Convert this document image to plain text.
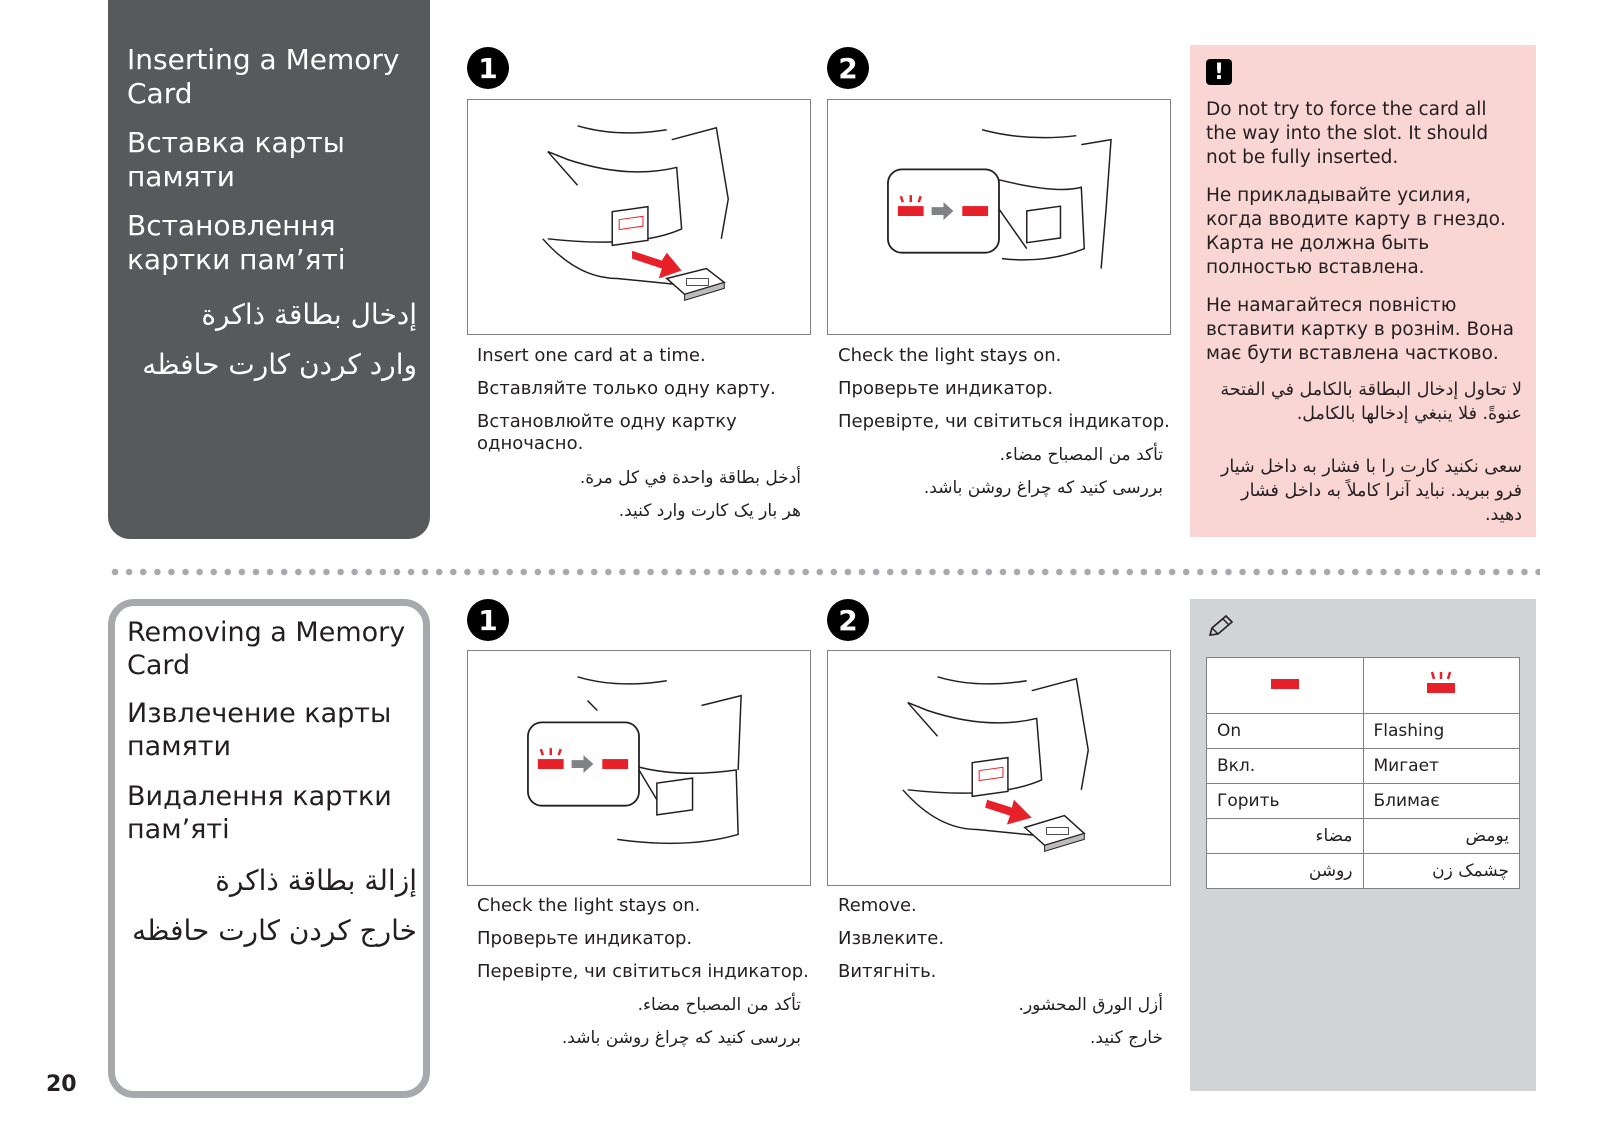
Inserting a Memory Card
Вставка карты памяти
Встановлення картки пам’яті
إدخال بطاقة ذاكرة
وارد کردن کارت حافظه
1
Insert one card at a time.
Вставляйте только одну карту.
Встановлюйте одну картку одночасно.
أدخل بطاقة واحدة في كل مرة.
هر بار یک کارت وارد کنید.
2
Check the light stays on.
Проверьте индикатор.
Перевірте, чи світиться індикатор.
تأكد من المصباح مضاء.
بررسی کنید که چراغ روشن باشد.
!
Do not try to force the card all the way into the slot. It should not be fully inserted.
Не прикладывайте усилия, когда вводите карту в гнездо. Карта не должна быть полностью вставлена.
Не намагайтеся повністю вставити картку в рознім. Вона має бути вставлена частково.
لا تحاول إدخال البطاقة بالكامل في الفتحة عنوةً. فلا ينبغي إدخالها بالكامل.
سعی نکنید کارت را با فشار به داخل شیار فرو ببرید. نباید آنرا کاملاً به داخل فشار دهید.
Removing a Memory Card
Извлечение карты памяти
Видалення картки пам’яті
إزالة بطاقة ذاكرة
خارج کردن کارت حافظه
1
Check the light stays on.
Проверьте индикатор.
Перевірте, чи світиться індикатор.
تأكد من المصباح مضاء.
بررسی کنید که چراغ روشن باشد.
2
Remove.
Извлеките.
Витягніть.
أزل الورق المحشور.
خارج کنید.

On	Flashing
Вкл.	Мигает
Горить	Блимає
مضاء	يومض
روشن	چشمک زن
20
